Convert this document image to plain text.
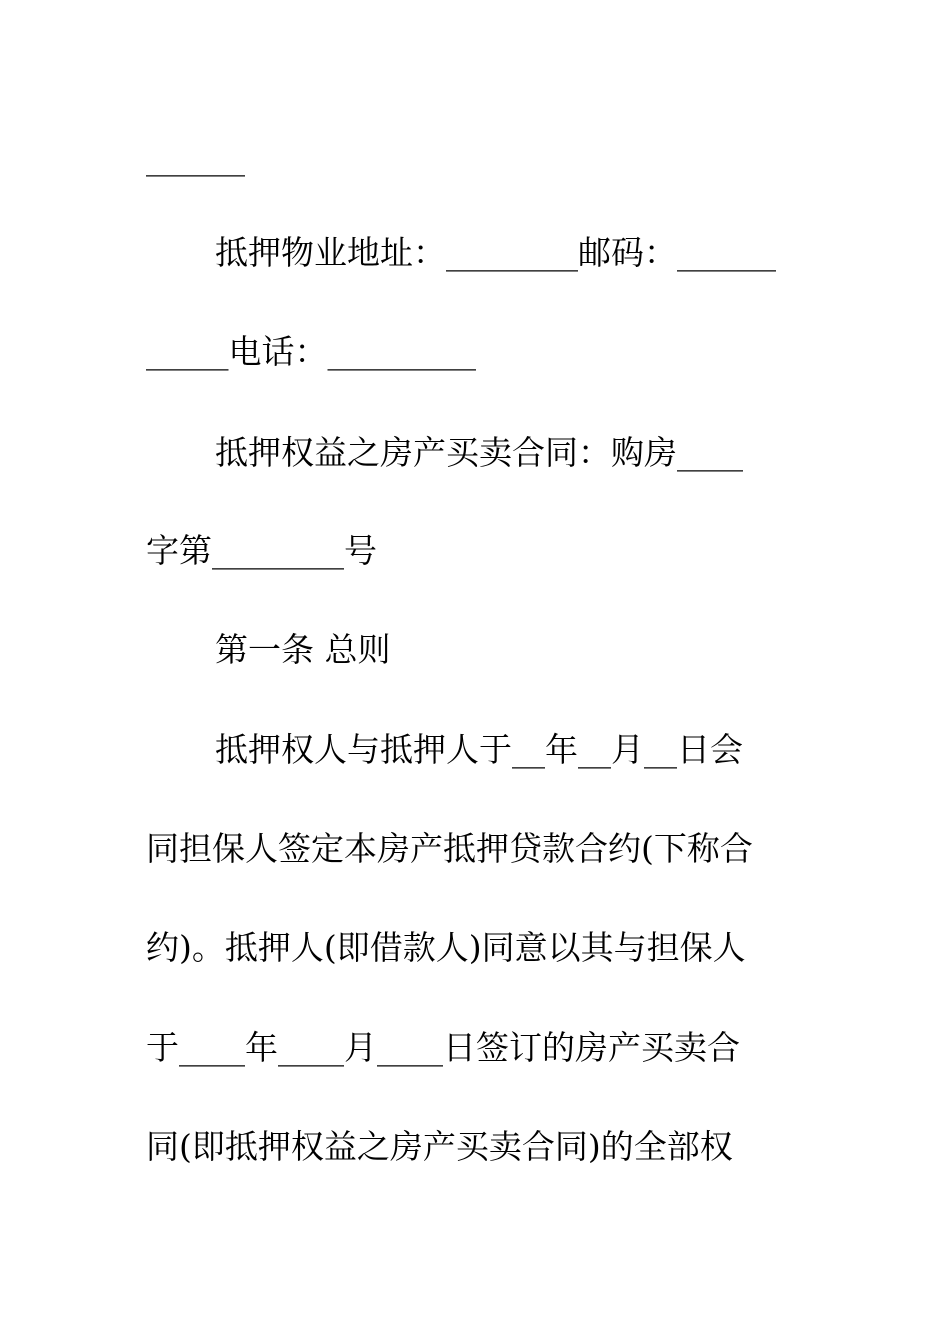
______
抵押物业地址：________邮码：______
_____电话：_________
抵押权益之房产买卖合同：购房____
字第________号
第一条 总则
抵押权人与抵押人于__年__月__日会
同担保人签定本房产抵押贷款合约(下称合
约)。抵押人(即借款人)同意以其与担保人
于____年____月____日签订的房产买卖合
同(即抵押权益之房产买卖合同)的全部权
